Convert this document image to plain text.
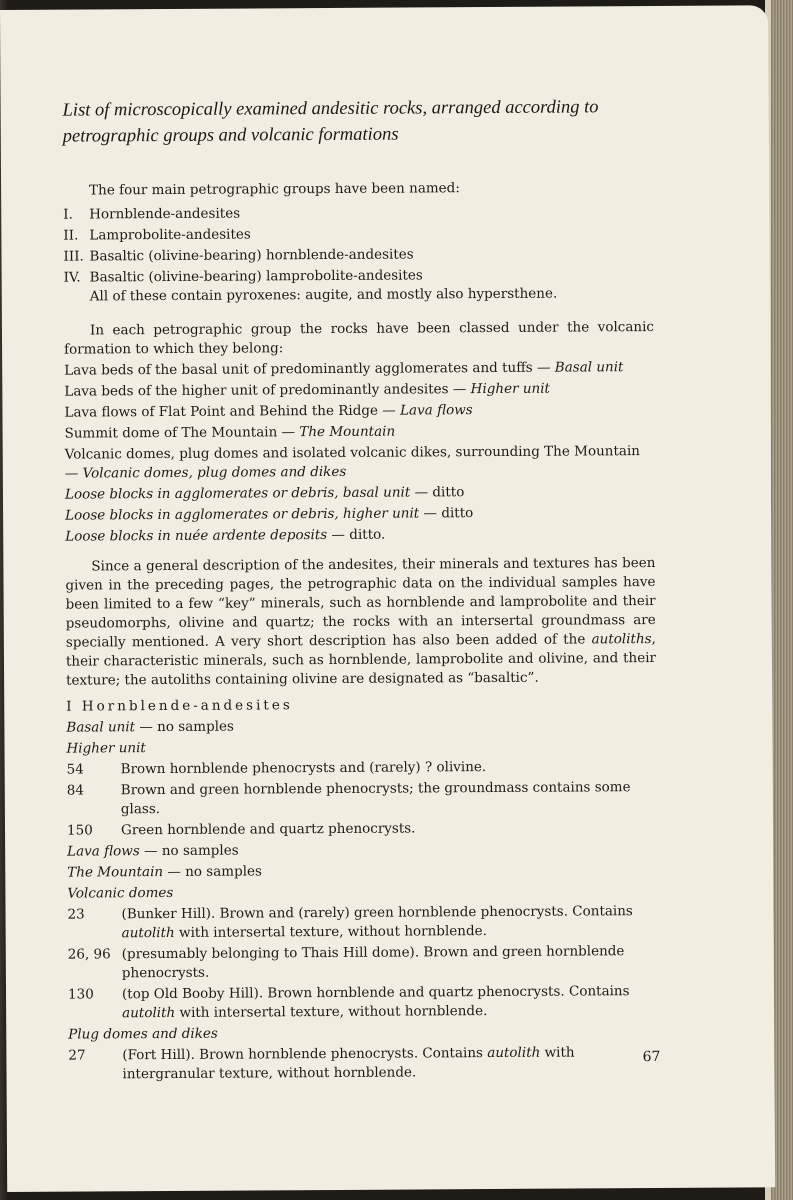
List of microscopically examined andesitic rocks, arranged according to petrographic groups and volcanic formations

The four main petrographic groups have been named:

I.	Hornblende-andesites
II. Lamprobolite-andesites
III. Basaltic (olivine-bearing) hornblende-andesites
IV. Basaltic (olivine-bearing) lamprobolite-andesites

All of these contain pyroxenes: augite, and mostly also hypersthene.

In each petrographic group the rocks have been classed under the volcanic formation to which they belong:

Lava beds of the basal unit of predominantly agglomerates and tuffs — Basal unit
Lava beds of the higher unit of predominantly andesites — Higher unit
Lava flows of Flat Point and Behind the Ridge — Lava flows
Summit dome of The Mountain — The Mountain
Volcanic domes, plug domes and isolated volcanic dikes, surrounding The Mountain — Volcanic domes, plug domes and dikes
Loose blocks in agglomerates or debris, basal unit — ditto
Loose blocks in agglomerates or debris, higher unit — ditto
Loose blocks in nuée ardente deposits — ditto.

Since a general description of the andesites, their minerals and textures has been given in the preceding pages, the petrographic data on the individual samples have been limited to a few “key” minerals, such as hornblende and lamprobolite and their pseudomorphs, olivine and quartz; the rocks with an intersertal groundmass are specially mentioned. A very short description has also been added of the autoliths, their characteristic minerals, such as hornblende, lamprobolite and olivine, and their texture; the autoliths containing olivine are designated as “basaltic”.

I Hornblende-andesites
Basal unit — no samples
Higher unit
54	Brown hornblende phenocrysts and (rarely) ? olivine.
84	Brown and green hornblende phenocrysts; the groundmass contains some glass.
150	Green hornblende and quartz phenocrysts.
Lava flows — no samples
The Mountain — no samples
Volcanic domes
23	(Bunker Hill). Brown and (rarely) green hornblende phenocrysts. Contains autolith with intersertal texture, without hornblende.
26, 96 (presumably belonging to Thais Hill dome). Brown and green hornblende phenocrysts.
130	(top Old Booby Hill). Brown hornblende and quartz phenocrysts. Contains autolith with intersertal texture, without hornblende.
Plug domes and dikes
27	(Fort Hill). Brown hornblende phenocrysts. Contains autolith with intergranular texture, without hornblende.
67
